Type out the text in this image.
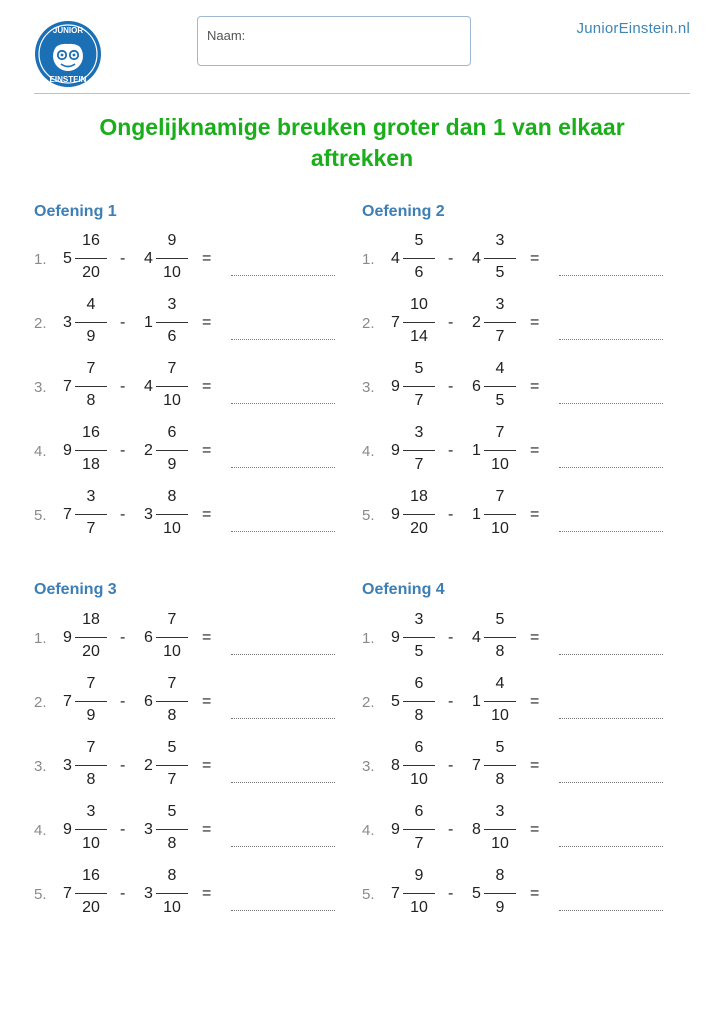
JUNIOR
EINSTEIN
Naam:	JuniorEinstein.nl
Ongelijknamige breuken groter dan 1 van elkaar
aftrekken
Oefening 1
1. 5
16
20
- 4
9
10
=
2. 3
4
9
- 1
3
6
=
3. 7
7
8
- 4
7
10
=
4. 9
16
18
- 2
6
9
=
5. 7
3
7
- 3
8
10
=
Oefening 2
1. 4
5
6
- 4
3
5
=
2. 7
10
14
- 2
3
7
=
3. 9
5
7
- 6
4
5
=
4. 9
3
7
- 1
7
10
=
5. 9
18
20
- 1
7
10
=
Oefening 3
1. 9
18
20
- 6
7
10
=
2. 7
7
9
- 6
7
8
=
3. 3
7
8
- 2
5
7
=
4. 9
3
10
- 3
5
8
=
5. 7
16
20
- 3
8
10
=
Oefening 4
1. 9
3
5
- 4
5
8
=
2. 5
6
8
- 1
4
10
=
3. 8
6
10
- 7
5
8
=
4. 9
6
7
- 8
3
10
=
5. 7
9
10
- 5
8
9
=
